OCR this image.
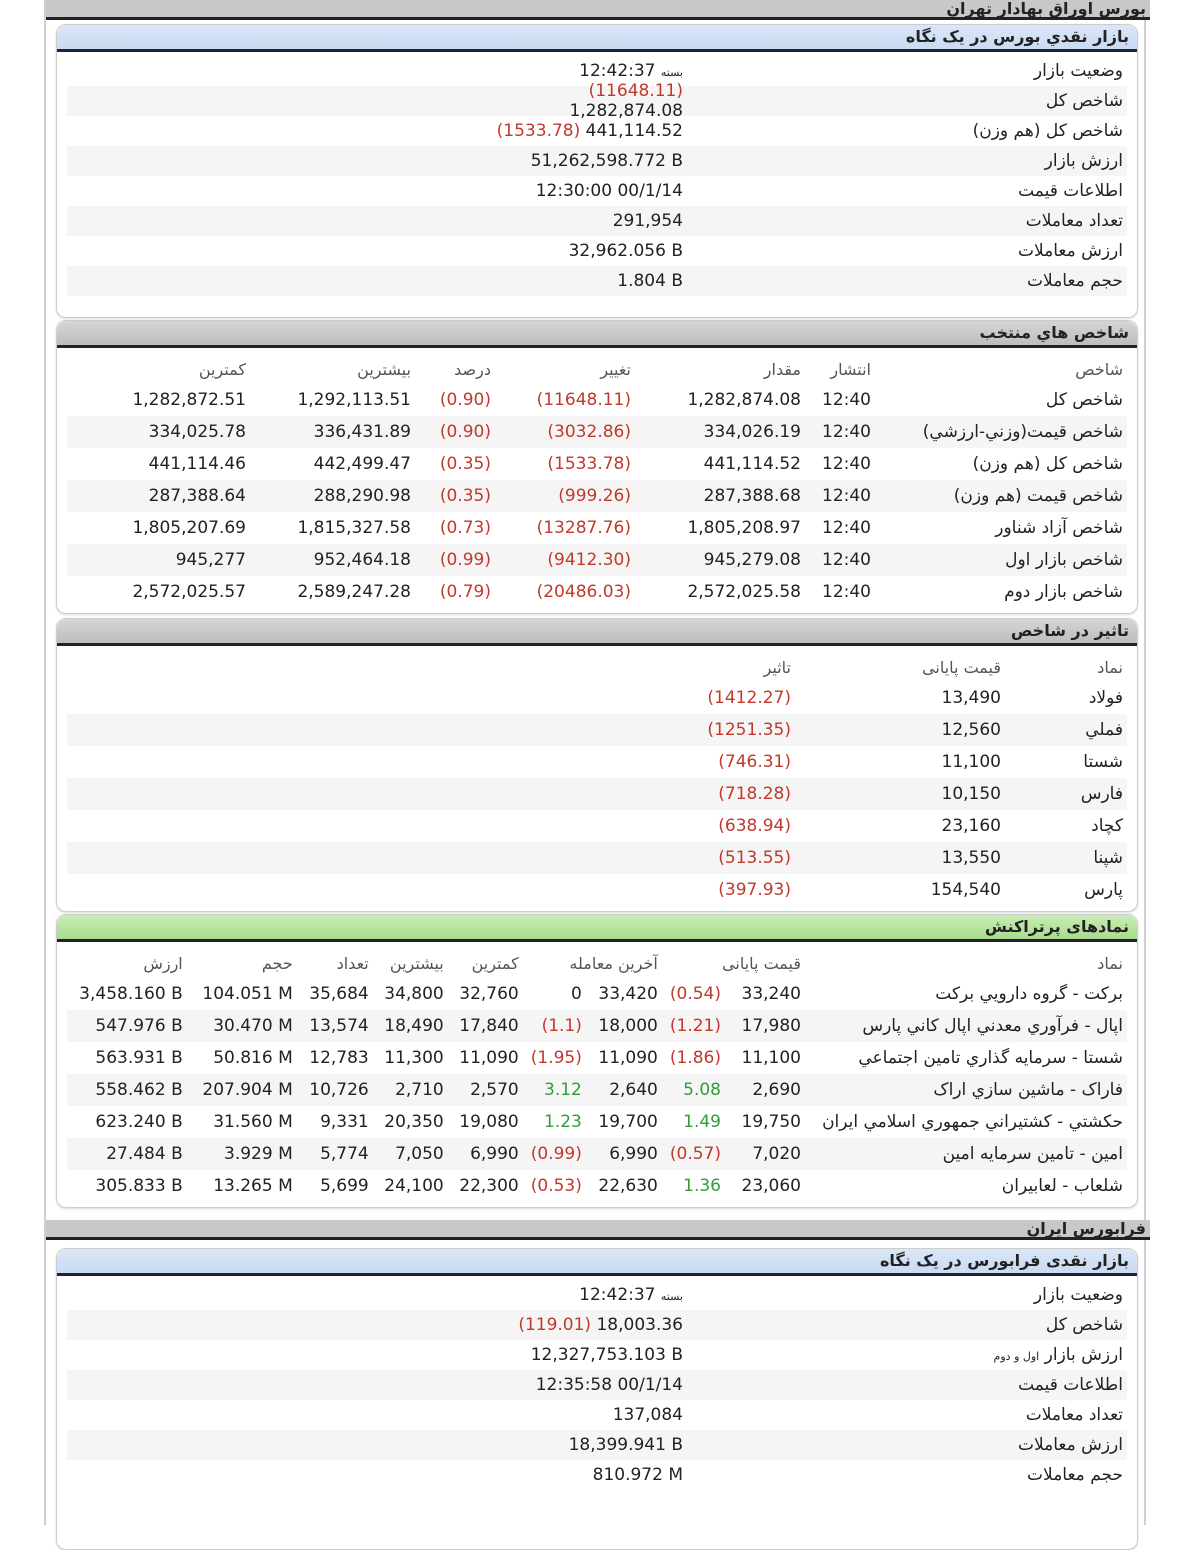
بورس اوراق بهادار تهران
بازار نقدي بورس در یک نگاه
وضعیت بازار
12:42:37 بسته
شاخص کل
(11648.11) 1,282,874.08
شاخص کل (هم وزن)
(1533.78) 441,114.52
ارزش بازار
51,262,598.772 B
اطلاعات قیمت
12:30:00 00/1/14
تعداد معاملات
291,954
ارزش معاملات
32,962.056 B
حجم معاملات
1.804 B
شاخص هاي منتخب
شاخص	انتشار	مقدار	تغيير	درصد	بيشترين	کمترين
شاخص کل	12:40	1,282,874.08	(11648.11)	(0.90)	1,292,113.51	1,282,872.51
شاخص قيمت(وزني-ارزشي)	12:40	334,026.19	(3032.86)	(0.90)	336,431.89	334,025.78
شاخص کل (هم وزن)	12:40	441,114.52	(1533.78)	(0.35)	442,499.47	441,114.46
شاخص قيمت (هم وزن)	12:40	287,388.68	(999.26)	(0.35)	288,290.98	287,388.64
شاخص آزاد شناور	12:40	1,805,208.97	(13287.76)	(0.73)	1,815,327.58	1,805,207.69
شاخص بازار اول	12:40	945,279.08	(9412.30)	(0.99)	952,464.18	945,277
شاخص بازار دوم	12:40	2,572,025.58	(20486.03)	(0.79)	2,589,247.28	2,572,025.57
تاثیر در شاخص
نماد	قیمت پایانی	تاثیر	
فولاد	13,490	(1412.27)	
فملي	12,560	(1251.35)	
شستا	11,100	(746.31)	
فارس	10,150	(718.28)	
کچاد	23,160	(638.94)	
شپنا	13,550	(513.55)	
پارس	154,540	(397.93)	
نمادهای پرتراکنش
نماد	قیمت پایانی		آخرین معامله		کمترین	بیشترین	تعداد	حجم	ارزش
برکت - گروه دارويي برکت	33,240	(0.54)	33,420	0	32,760	34,800	35,684	104.051 M	3,458.160 B
اپال - فرآوري معدني اپال کاني پارس	17,980	(1.21)	18,000	(1.1)	17,840	18,490	13,574	30.470 M	547.976 B
شستا - سرمايه گذاري تامين اجتماعي	11,100	(1.86)	11,090	(1.95)	11,090	11,300	12,783	50.816 M	563.931 B
فاراک - ماشين سازي اراک	2,690	5.08	2,640	3.12	2,570	2,710	10,726	207.904 M	558.462 B
حکشتي - کشتيراني جمهوري اسلامي ايران	19,750	1.49	19,700	1.23	19,080	20,350	9,331	31.560 M	623.240 B
امين - تامين سرمايه امين	7,020	(0.57)	6,990	(0.99)	6,990	7,050	5,774	3.929 M	27.484 B
شلعاب - لعابيران	23,060	1.36	22,630	(0.53)	22,300	24,100	5,699	13.265 M	305.833 B
فرابورس ایران
بازار نقدی فرابورس در یک نگاه
وضعیت بازار
12:42:37 بسته
شاخص کل
(119.01) 18,003.36
ارزش بازار اول و دوم
12,327,753.103 B
اطلاعات قیمت
12:35:58 00/1/14
تعداد معاملات
137,084
ارزش معاملات
18,399.941 B
حجم معاملات
810.972 M
